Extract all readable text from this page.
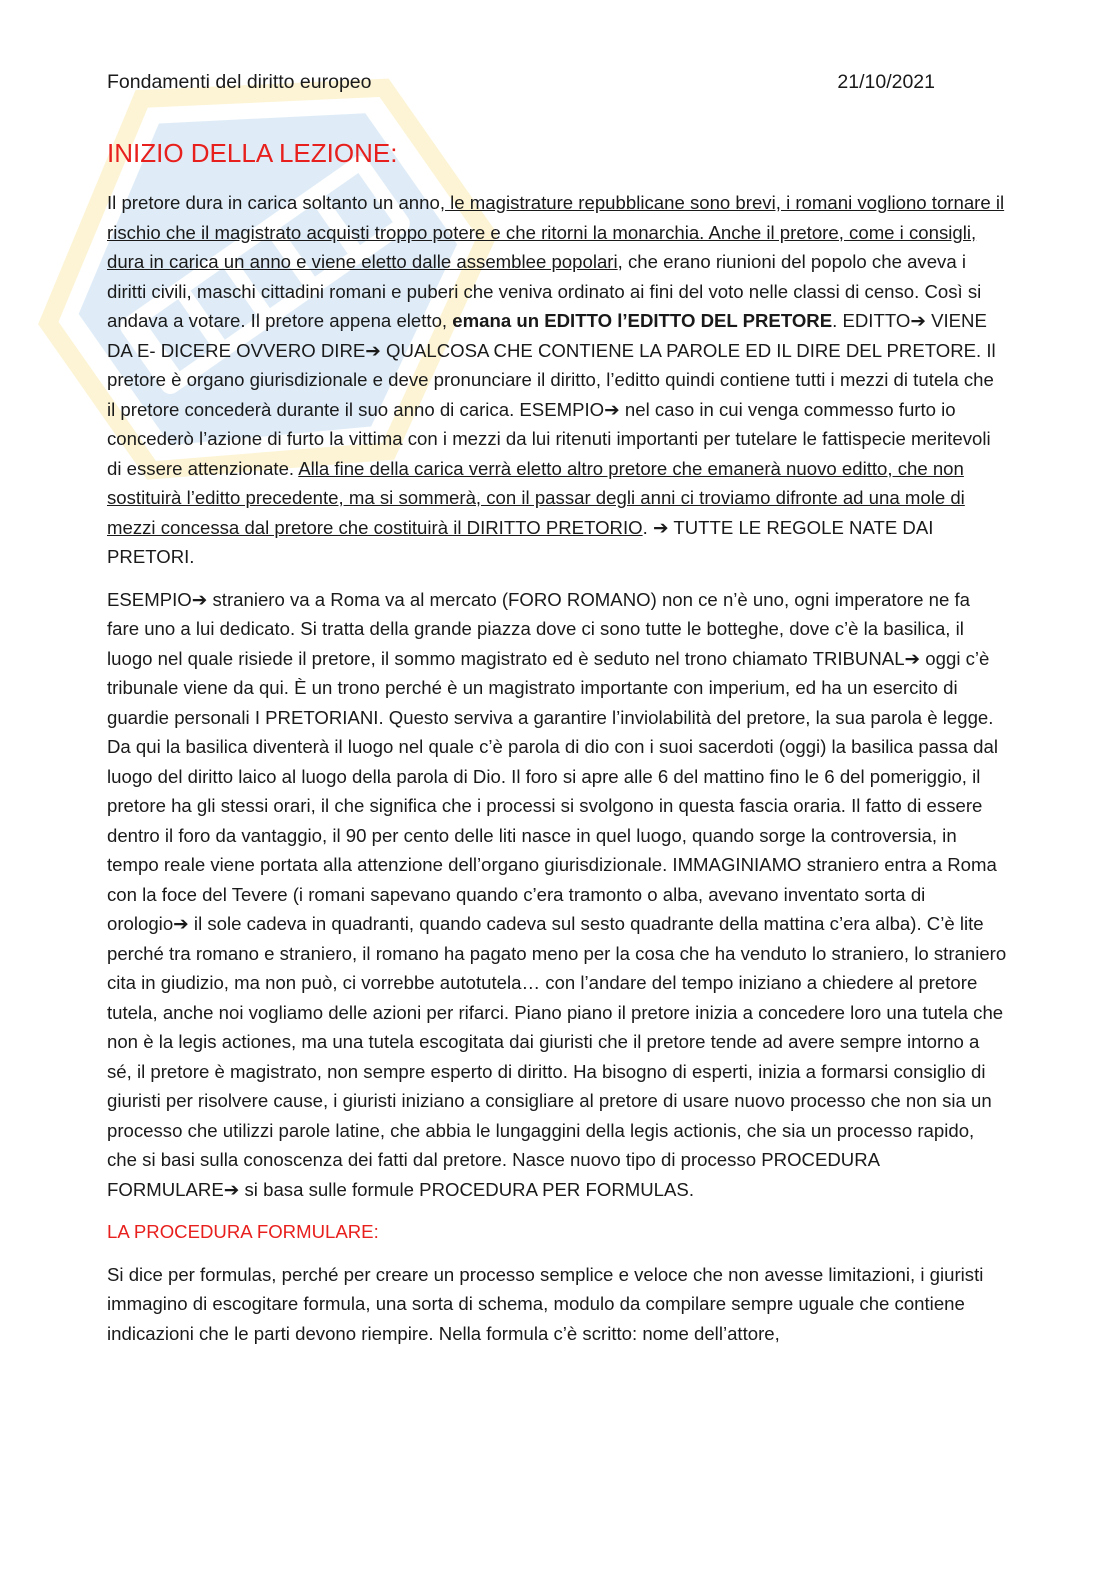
Fondamenti del diritto europeo	21/10/2021
INIZIO DELLA LEZIONE:

Il pretore dura in carica soltanto un anno, le magistrature repubblicane sono brevi, i romani vogliono tornare il rischio che il magistrato acquisti troppo potere e che ritorni la monarchia. Anche il pretore, come i consigli, dura in carica un anno e viene eletto dalle assemblee popolari, che erano riunioni del popolo che aveva i diritti civili, maschi cittadini romani e puberi che veniva ordinato ai fini del voto nelle classi di censo. Così si andava a votare. Il pretore appena eletto, emana un EDITTO l’EDITTO DEL PRETORE. EDITTO➔ VIENE DA E- DICERE OVVERO DIRE➔ QUALCOSA CHE CONTIENE LA PAROLE ED IL DIRE DEL PRETORE. Il pretore è organo giurisdizionale e deve pronunciare il diritto, l’editto quindi contiene tutti i mezzi di tutela che il pretore concederà durante il suo anno di carica. ESEMPIO➔ nel caso in cui venga commesso furto io concederò l’azione di furto la vittima con i mezzi da lui ritenuti importanti per tutelare le fattispecie meritevoli di essere attenzionate. Alla fine della carica verrà eletto altro pretore che emanerà nuovo editto, che non sostituirà l’editto precedente, ma si sommerà, con il passar degli anni ci troviamo difronte ad una mole di mezzi concessa dal pretore che costituirà il DIRITTO PRETORIO. ➔ TUTTE LE REGOLE NATE DAI PRETORI.

ESEMPIO➔ straniero va a Roma va al mercato (FORO ROMANO) non ce n’è uno, ogni imperatore ne fa fare uno a lui dedicato. Si tratta della grande piazza dove ci sono tutte le botteghe, dove c’è la basilica, il luogo nel quale risiede il pretore, il sommo magistrato ed è seduto nel trono chiamato TRIBUNAL➔ oggi c’è tribunale viene da qui. È un trono perché è un magistrato importante con imperium, ed ha un esercito di guardie personali I PRETORIANI. Questo serviva a garantire l’inviolabilità del pretore, la sua parola è legge. Da qui la basilica diventerà il luogo nel quale c’è parola di dio con i suoi sacerdoti (oggi) la basilica passa dal luogo del diritto laico al luogo della parola di Dio. Il foro si apre alle 6 del mattino fino le 6 del pomeriggio, il pretore ha gli stessi orari, il che significa che i processi si svolgono in questa fascia oraria. Il fatto di essere dentro il foro da vantaggio, il 90 per cento delle liti nasce in quel luogo, quando sorge la controversia, in tempo reale viene portata alla attenzione dell’organo giurisdizionale. IMMAGINIAMO straniero entra a Roma con la foce del Tevere (i romani sapevano quando c’era tramonto o alba, avevano inventato sorta di orologio➔ il sole cadeva in quadranti, quando cadeva sul sesto quadrante della mattina c’era alba). C’è lite perché tra romano e straniero, il romano ha pagato meno per la cosa che ha venduto lo straniero, lo straniero cita in giudizio, ma non può, ci vorrebbe autotutela… con l’andare del tempo iniziano a chiedere al pretore tutela, anche noi vogliamo delle azioni per rifarci. Piano piano il pretore inizia a concedere loro una tutela che non è la legis actiones, ma una tutela escogitata dai giuristi che il pretore tende ad avere sempre intorno a sé, il pretore è magistrato, non sempre esperto di diritto. Ha bisogno di esperti, inizia a formarsi consiglio di giuristi per risolvere cause, i giuristi iniziano a consigliare al pretore di usare nuovo processo che non sia un processo che utilizzi parole latine, che abbia le lungaggini della legis actionis, che sia un processo rapido, che si basi sulla conoscenza dei fatti dal pretore. Nasce nuovo tipo di processo PROCEDURA FORMULARE➔ si basa sulle formule PROCEDURA PER FORMULAS.

LA PROCEDURA FORMULARE:

Si dice per formulas, perché per creare un processo semplice e veloce che non avesse limitazioni, i giuristi immagino di escogitare formula, una sorta di schema, modulo da compilare sempre uguale che contiene indicazioni che le parti devono riempire. Nella formula c’è scritto: nome dell’attore,
